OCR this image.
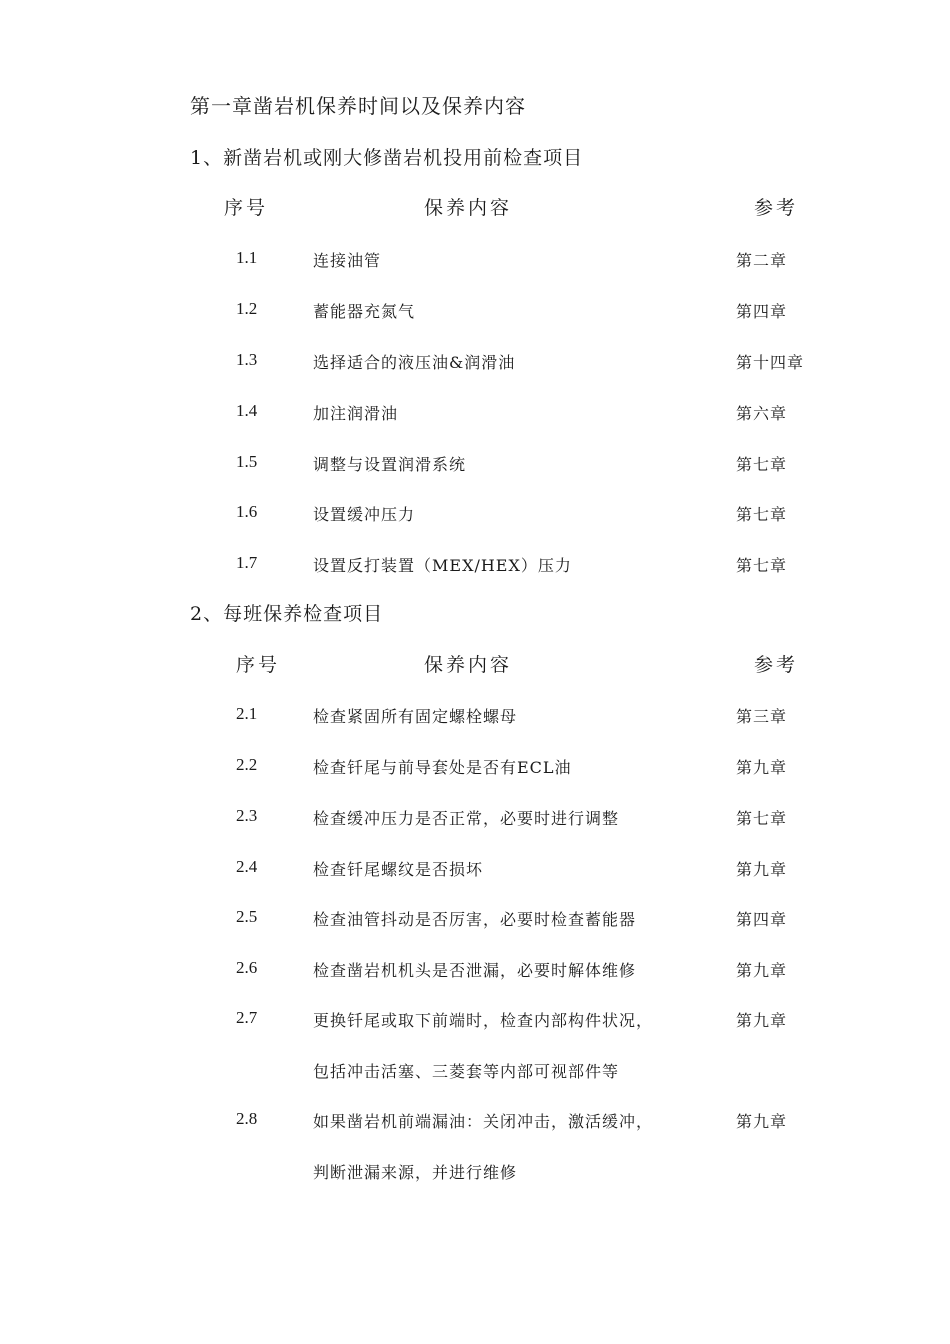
第一章凿岩机保养时间以及保养内容
1、新凿岩机或刚大修凿岩机投用前检查项目
序号	保养内容	参考
1.1	连接油管	第二章
1.2	蓄能器充氮气	第四章
1.3	选择适合的液压油&润滑油	第十四章
1.4	加注润滑油	第六章
1.5	调整与设置润滑系统	第七章
1.6	设置缓冲压力	第七章
1.7	设置反打装置（MEX/HEX）压力	第七章
2、每班保养检查项目
序号	保养内容	参考
2.1	检查紧固所有固定螺栓螺母	第三章
2.2	检查钎尾与前导套处是否有ECL油	第九章
2.3	检查缓冲压力是否正常，必要时进行调整	第七章
2.4	检查钎尾螺纹是否损坏	第九章
2.5	检查油管抖动是否厉害，必要时检查蓄能器	第四章
2.6	检查凿岩机机头是否泄漏，必要时解体维修	第九章
2.7	更换钎尾或取下前端时，检查内部构件状况，	第九章
包括冲击活塞、三菱套等内部可视部件等
2.8	如果凿岩机前端漏油：关闭冲击，激活缓冲，	第九章
判断泄漏来源，并进行维修
